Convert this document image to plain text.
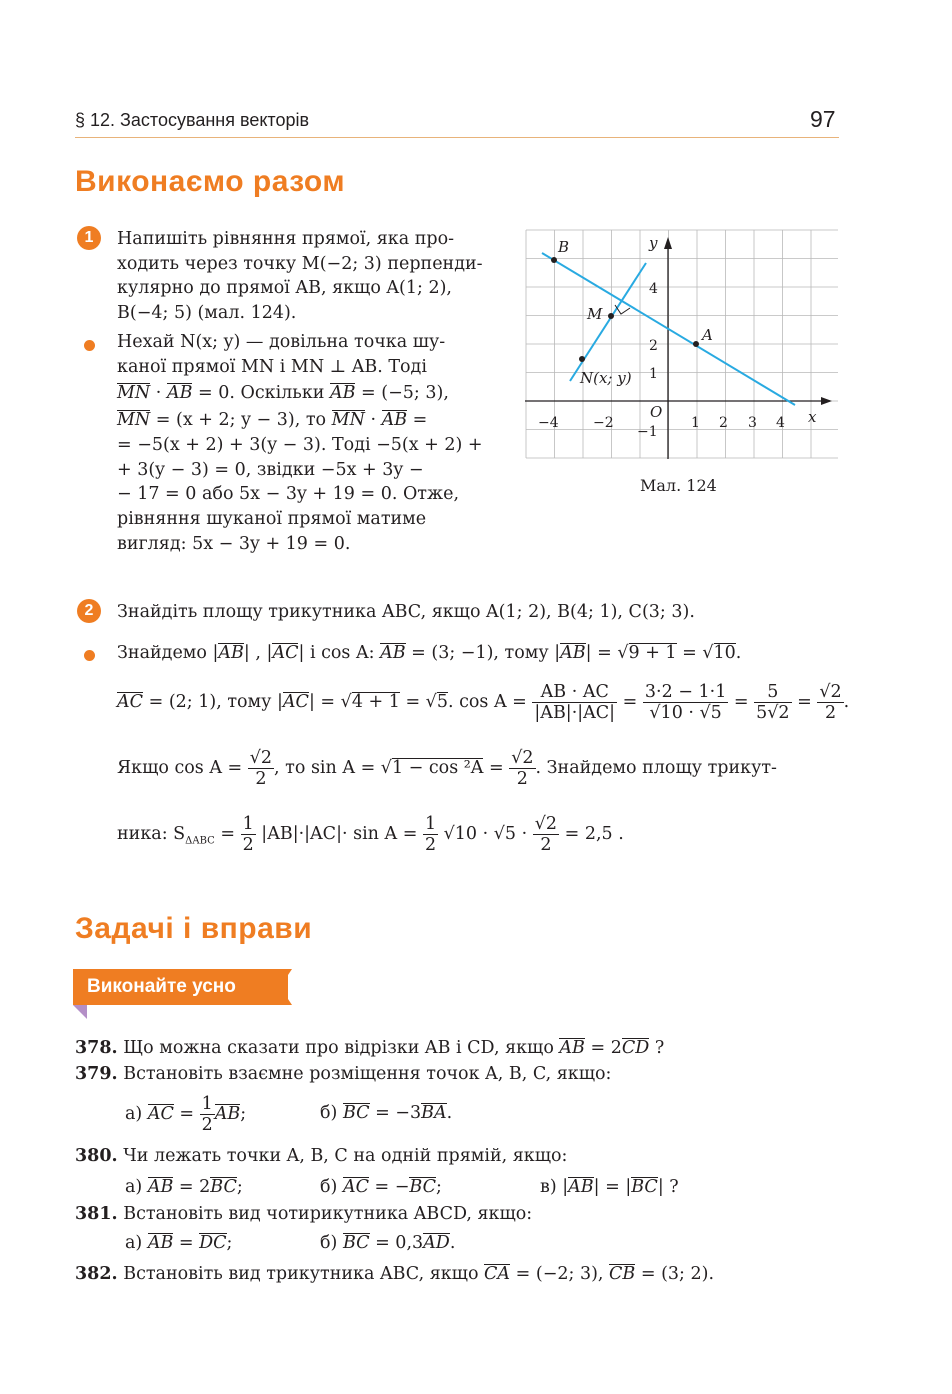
§ 12. Застосування векторів	97
Виконаємо разом
1	Напишіть рівняння прямої, яка про-
ходить через точку M(−2; 3) перпенди-
кулярно до прямої AB, якщо A(1; 2),
B(−4; 5) (мал. 124).
Нехай N(x; y) — довільна точка шу-
каної прямої MN і MN ⊥ AB. Тоді
MN · AB = 0. Оскільки AB = (−5; 3),
MN = (x + 2; y − 3), то MN · AB =
= −5(x + 2) + 3(y − 3). Тоді −5(x + 2) +
+ 3(y − 3) = 0, звідки −5x + 3y −
− 17 = 0 або 5x − 3y + 19 = 0. Отже,
рівняння шуканої прямої матиме
вигляд: 5x − 3y + 19 = 0.
B
A
M
N(x; y)
O	x
y
−4 −2	1 2 3 4
4
2
1
−1
Мал. 124
2	Знайдіть площу трикутника ABC, якщо A(1; 2), B(4; 1), C(3; 3).
Знайдемо |AB| , |AC| і cos A: AB = (3; −1), тому |AB| = √9 + 1 = √10.
AC = (2; 1), тому |AC| = √4 + 1 = √5. $\cos A = \frac{AB \cdot AC}{|AB|\cdot|AC|} = \frac{3\cdot 2 - 1\cdot 1}{√10 \cdot √5} = \frac{5}{5√2} = \frac{√2}{2}$ .
Якщо $\cos A = \frac{√2}{2}$ , то $\sin A = √1 - \cos ^2A = \frac{√2}{2}$ . Знайдемо площу трикут-
ника: $S_{\Delta ABC} = \frac{1}{2} |AB|\cdot|AC|\cdot \sin A = \frac{1}{2} √10 \cdot √5 \cdot \frac{√2}{2} = 2,5$ .
Задачі і вправи
Виконайте усно
378. Що можна сказати про відрізки AB і CD, якщо AB = 2CD ?
379. Встановіть взаємне розміщення точок A, B, C, якщо:
а) AC = $\frac{1}{2}$ AB;	б) BC = −3BA.
380. Чи лежать точки A, B, C на одній прямій, якщо:
а) AB = 2BC;	б) AC = −BC;	в) |AB| = |BC| ?
381. Встановіть вид чотирикутника ABCD, якщо:
а) AB = DC;	б) BC = 0,3AD.
382. Встановіть вид трикутника ABC, якщо CA = (−2; 3), CB = (3; 2).
